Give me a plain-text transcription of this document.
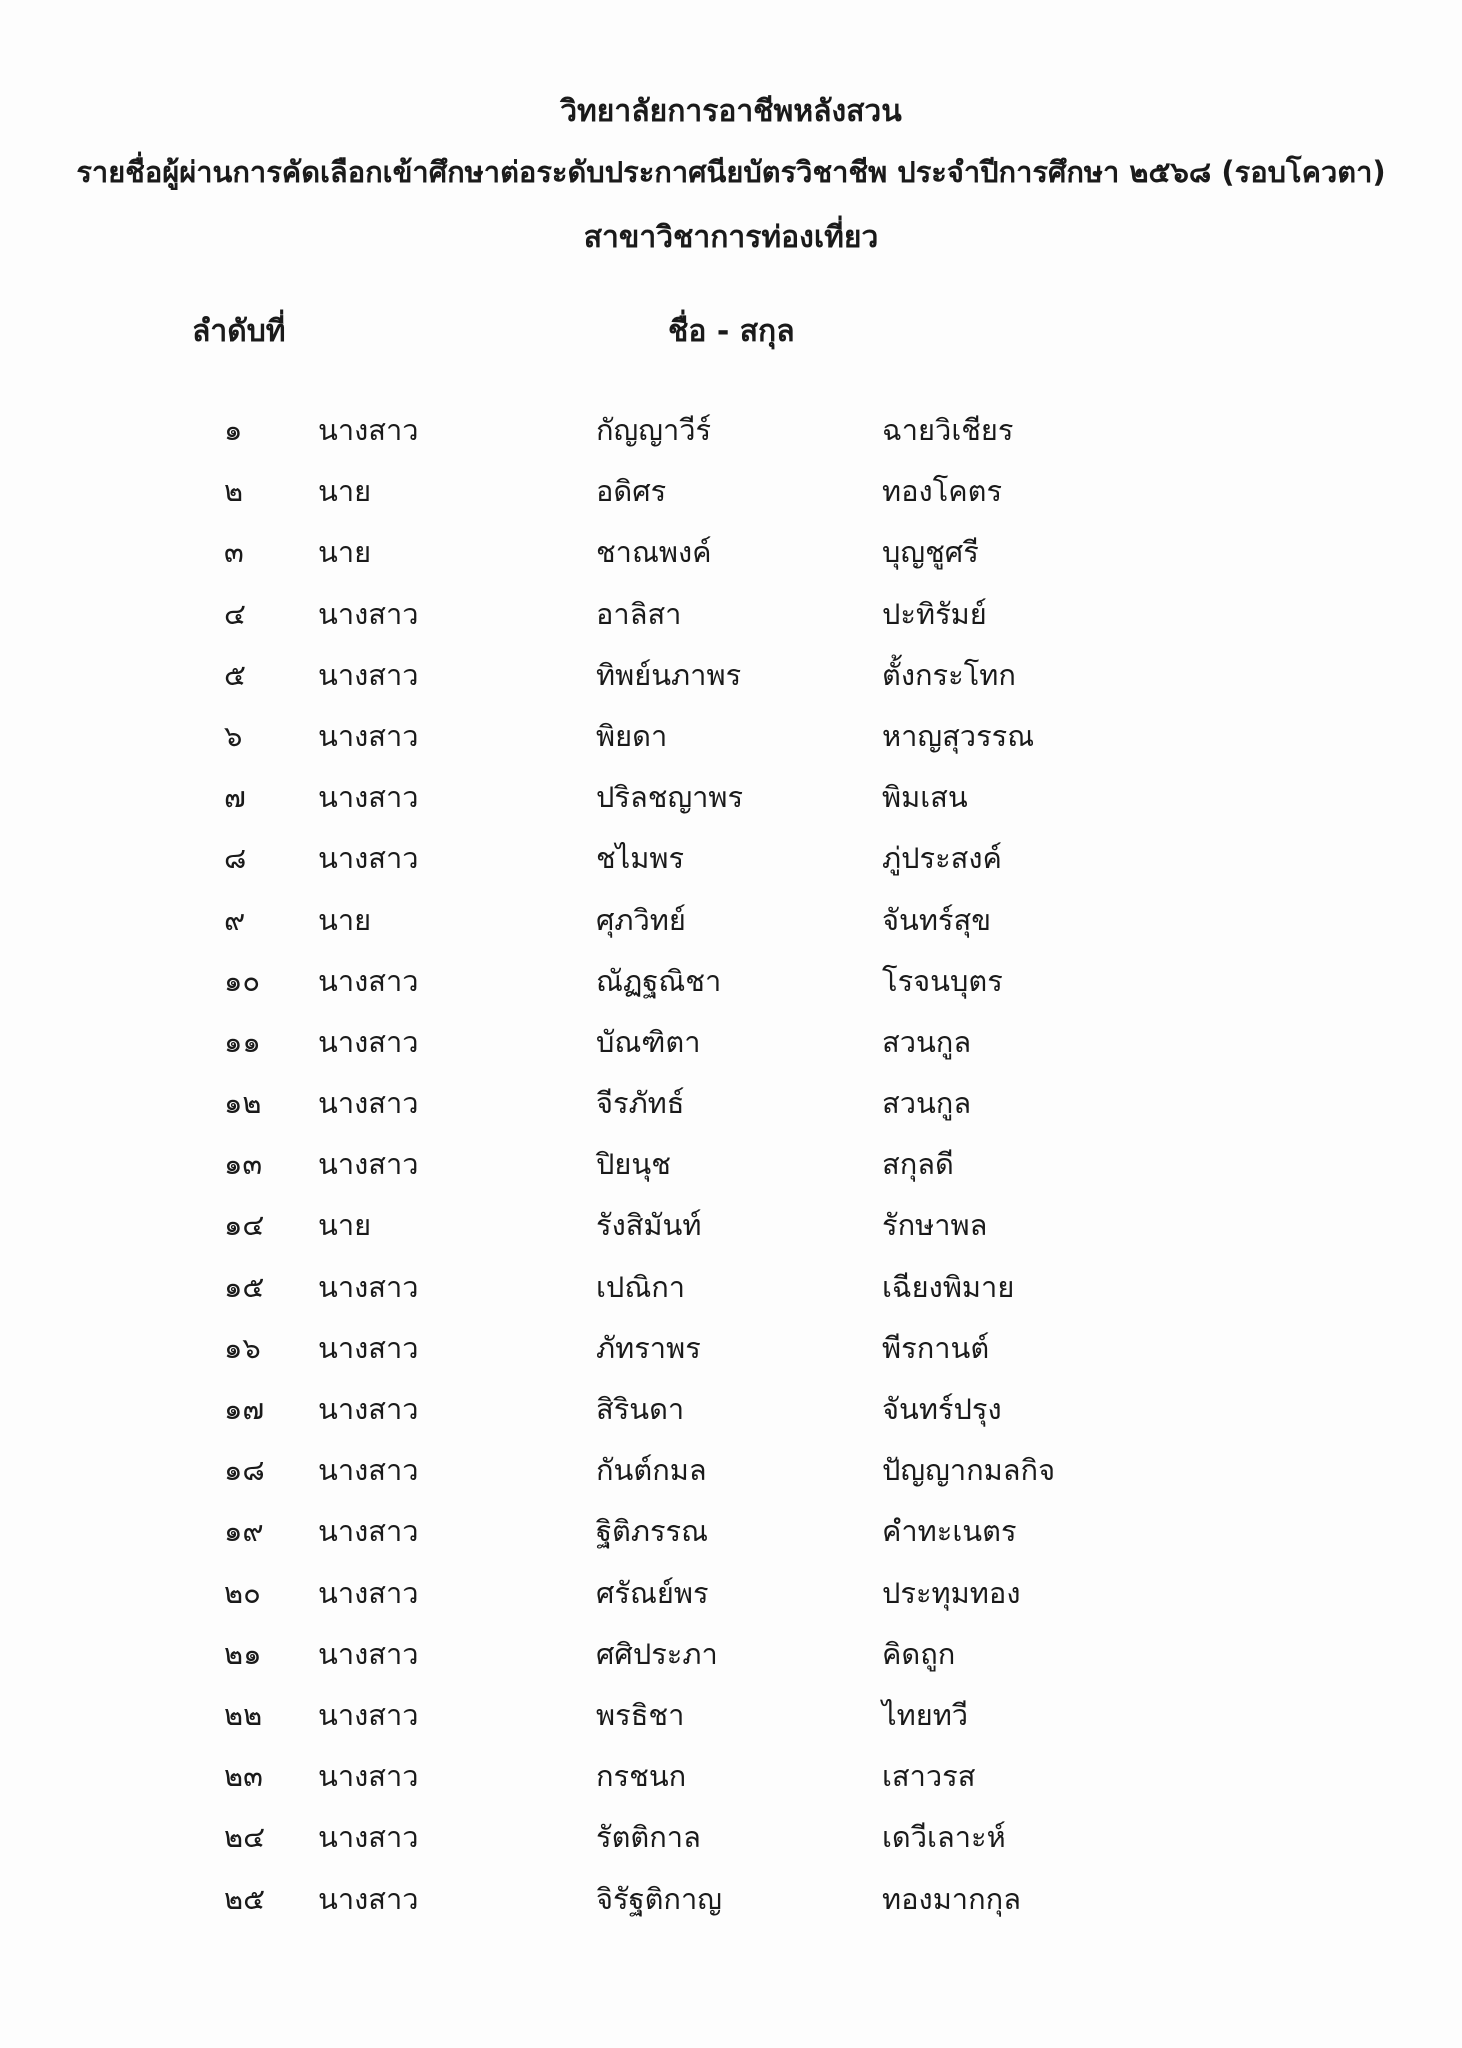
วิทยาลัยการอาชีพหลังสวน
รายชื่อผู้ผ่านการคัดเลือกเข้าศึกษาต่อระดับประกาศนียบัตรวิชาชีพ ประจำปีการศึกษา ๒๕๖๘ (รอบโควตา)
สาขาวิชาการท่องเที่ยว
ลำดับที่	ชื่อ - สกุล
๑	นางสาว	กัญญาวีร์	ฉายวิเชียร
๒	นาย	อดิศร	ทองโคตร
๓	นาย	ชาณพงค์	บุญชูศรี
๔ นางสาว	อาลิสา	ปะทิรัมย์
๕ นางสาว	ทิพย์นภาพร	ตั้งกระโทก
๖	นางสาว	พิยดา	หาญสุวรรณ
๗ นางสาว	ปริลชญาพร	พิมเสน
๘ นางสาว	ชไมพร	ภู่ประสงค์
๙	นาย	ศุภวิทย์	จันทร์สุข
๑๐ นางสาว	ณัฏฐณิชา	โรจนบุตร
๑๑ นางสาว	บัณฑิตา	สวนกูล
๑๒ นางสาว	จีรภัทธ์	สวนกูล
๑๓ นางสาว	ปิยนุช	สกุลดี
๑๔ นาย	รังสิมันท์	รักษาพล
๑๕ นางสาว	เปณิกา	เฉียงพิมาย
๑๖ นางสาว	ภัทราพร	พีรกานต์
๑๗ นางสาว	สิรินดา	จันทร์ปรุง
๑๘ นางสาว	กันต์กมล	ปัญญากมลกิจ
๑๙ นางสาว	ฐิติภรรณ	คำทะเนตร
๒๐ นางสาว	ศรัณย์พร	ประทุมทอง
๒๑ นางสาว	ศศิประภา	คิดถูก
๒๒ นางสาว	พรธิชา	ไทยทวี
๒๓ นางสาว	กรชนก	เสาวรส
๒๔ นางสาว	รัตติกาล	เดวีเลาะห์
๒๕ นางสาว	จิรัฐติกาญ	ทองมากกุล
